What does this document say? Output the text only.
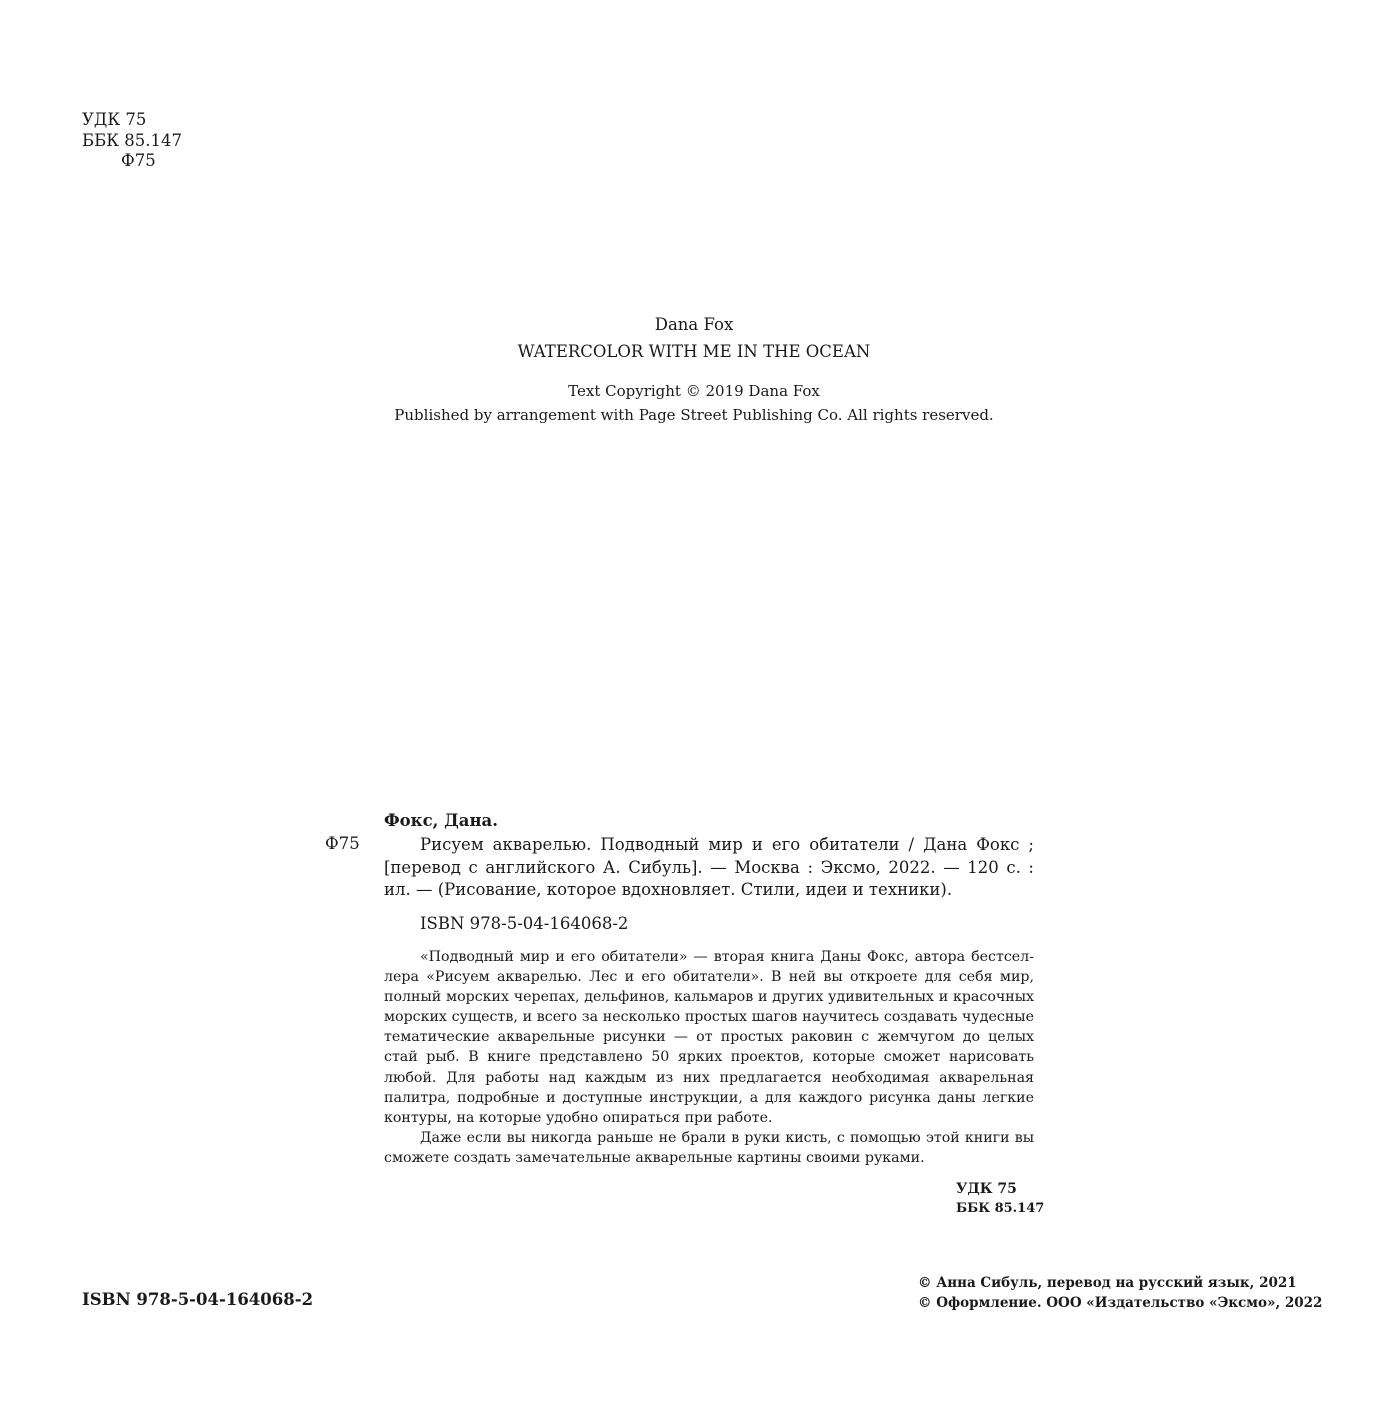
УДК 75
ББК 85.147
Ф75
Dana Fox
WATERCOLOR WITH ME IN THE OCEAN
Text Copyright © 2019 Dana Fox
Published by arrangement with Page Street Publishing Co. All rights reserved.
Фокс, Дана.
Ф75	Рисуем акварелью. Подводный мир и его обитатели / Дана Фокс ; [перевод с английского А. Сибуль]. — Москва : Эксмо, 2022. — 120 с. : ил. — (Рисование, которое вдохновляет. Стили, идеи и техники).
ISBN 978-5-04-164068-2

«Подводный мир и его обитатели» — вторая книга Даны Фокс, автора бестселлера «Рисуем акварелью. Лес и его обитатели». В ней вы откроете для себя мир, полный морских черепах, дельфинов, кальмаров и других удивительных и красочных морских существ, и всего за несколько простых шагов научитесь создавать чудесные тематические акварельные рисунки — от простых раковин с жемчугом до целых стай рыб. В книге представлено 50 ярких проектов, которые сможет нарисовать любой. Для работы над каждым из них предлагается необходимая акварельная палитра, подробные и доступные инструкции, а для каждого рисунка даны легкие контуры, на которые удобно опираться при работе.

Даже если вы никогда раньше не брали в руки кисть, с помощью этой книги вы сможете создать замечательные акварельные картины своими руками.

УДК 75
ББК 85.147
ISBN 978-5-04-164068-2
© Анна Сибуль, перевод на русский язык, 2021
© Оформление. ООО «Издательство «Эксмо», 2022
